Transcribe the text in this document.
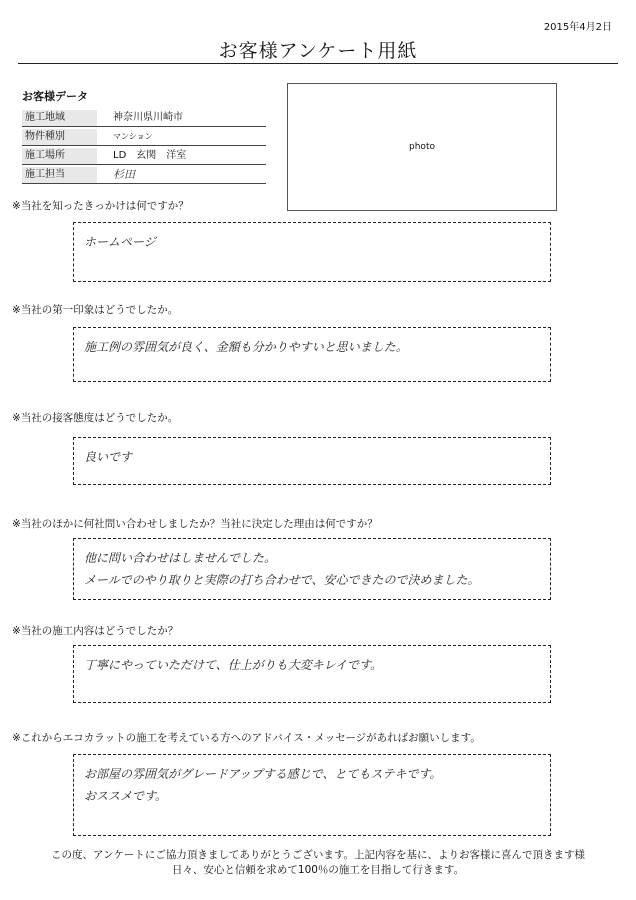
2015年4月2日
お客様アンケート用紙
お客様データ
施工地域	神奈川県川崎市
物件種別	マンション
施工場所	LD　玄関　洋室
施工担当	杉田
photo
※当社を知ったきっかけは何ですか？
ホームページ
※当社の第一印象はどうでしたか。
施工例の雰囲気が良く、金額も分かりやすいと思いました。
※当社の接客態度はどうでしたか。
良いです
※当社のほかに何社問い合わせしましたか？当社に決定した理由は何ですか？
他に問い合わせはしませんでした。
メールでのやり取りと実際の打ち合わせで、安心できたので決めました。
※当社の施工内容はどうでしたか？
丁寧にやっていただけて、仕上がりも大変キレイです。
※これからエコカラットの施工を考えている方へのアドバイス・メッセージがあればお願いします。
お部屋の雰囲気がグレードアップする感じで、とてもステキです。
おススメです。
この度、アンケートにご協力頂きましてありがとうございます。上記内容を基に、よりお客様に喜んで頂きます様
日々、安心と信頼を求めて100％の施工を目指して行きます。
